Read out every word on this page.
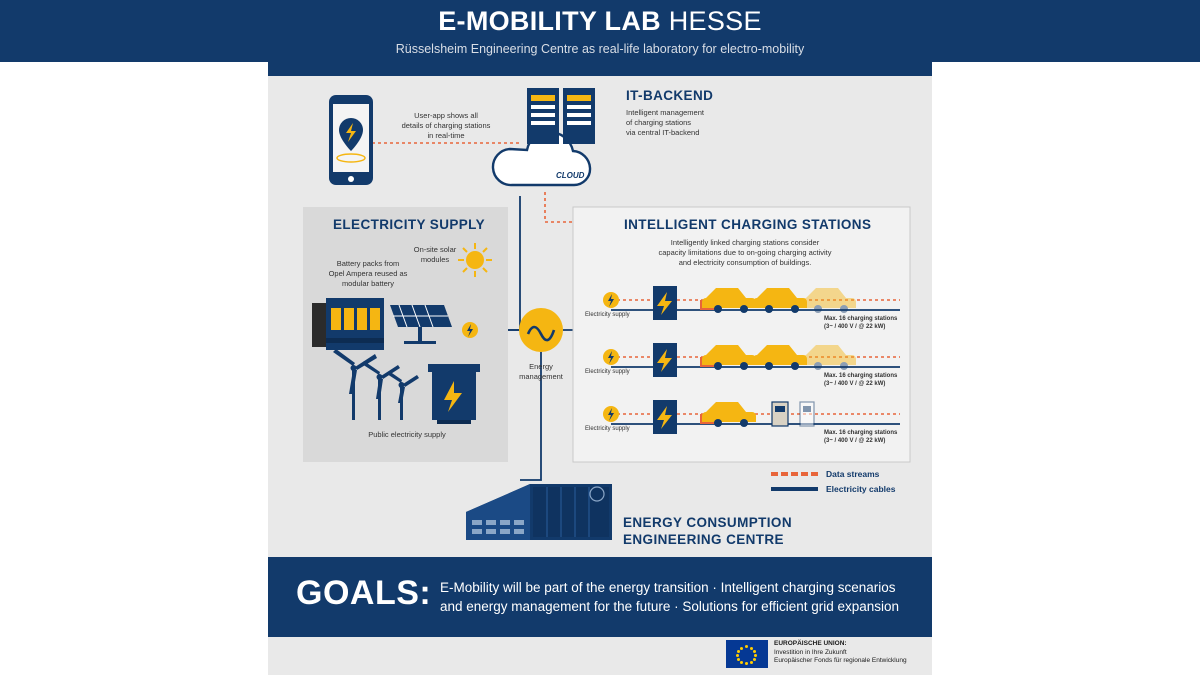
E-MOBILITY LAB HESSE
Rüsselsheim Engineering Centre as real-life laboratory for electro-mobility
User-app shows all
details of charging stations
in real-time
CLOUD
IT-BACKEND
Intelligent management
of charging stations
via central IT-backend
ELECTRICITY SUPPLY
Battery packs from
Opel Ampera reused as
modular battery
On-site solar
modules
Public electricity supply
Energy
management
INTELLIGENT CHARGING STATIONS
Intelligently linked charging stations consider
capacity limitations due to on-going charging activity
and electricity consumption of buildings.
Electricity supply
Electricity supply
Electricity supply
Max. 16 charging stations
(3~ / 400 V / @ 22 kW)
Max. 16 charging stations
(3~ / 400 V / @ 22 kW)
Max. 16 charging stations
(3~ / 400 V / @ 22 kW)
Data streams
Electricity cables
ENERGY CONSUMPTION
ENGINEERING CENTRE
GOALS: E-Mobility will be part of the energy transition · Intelligent charging scenarios
and energy management for the future · Solutions for efficient grid expansion
EUROPÄISCHE UNION:
Investition in Ihre Zukunft
Europäischer Fonds für regionale Entwicklung
